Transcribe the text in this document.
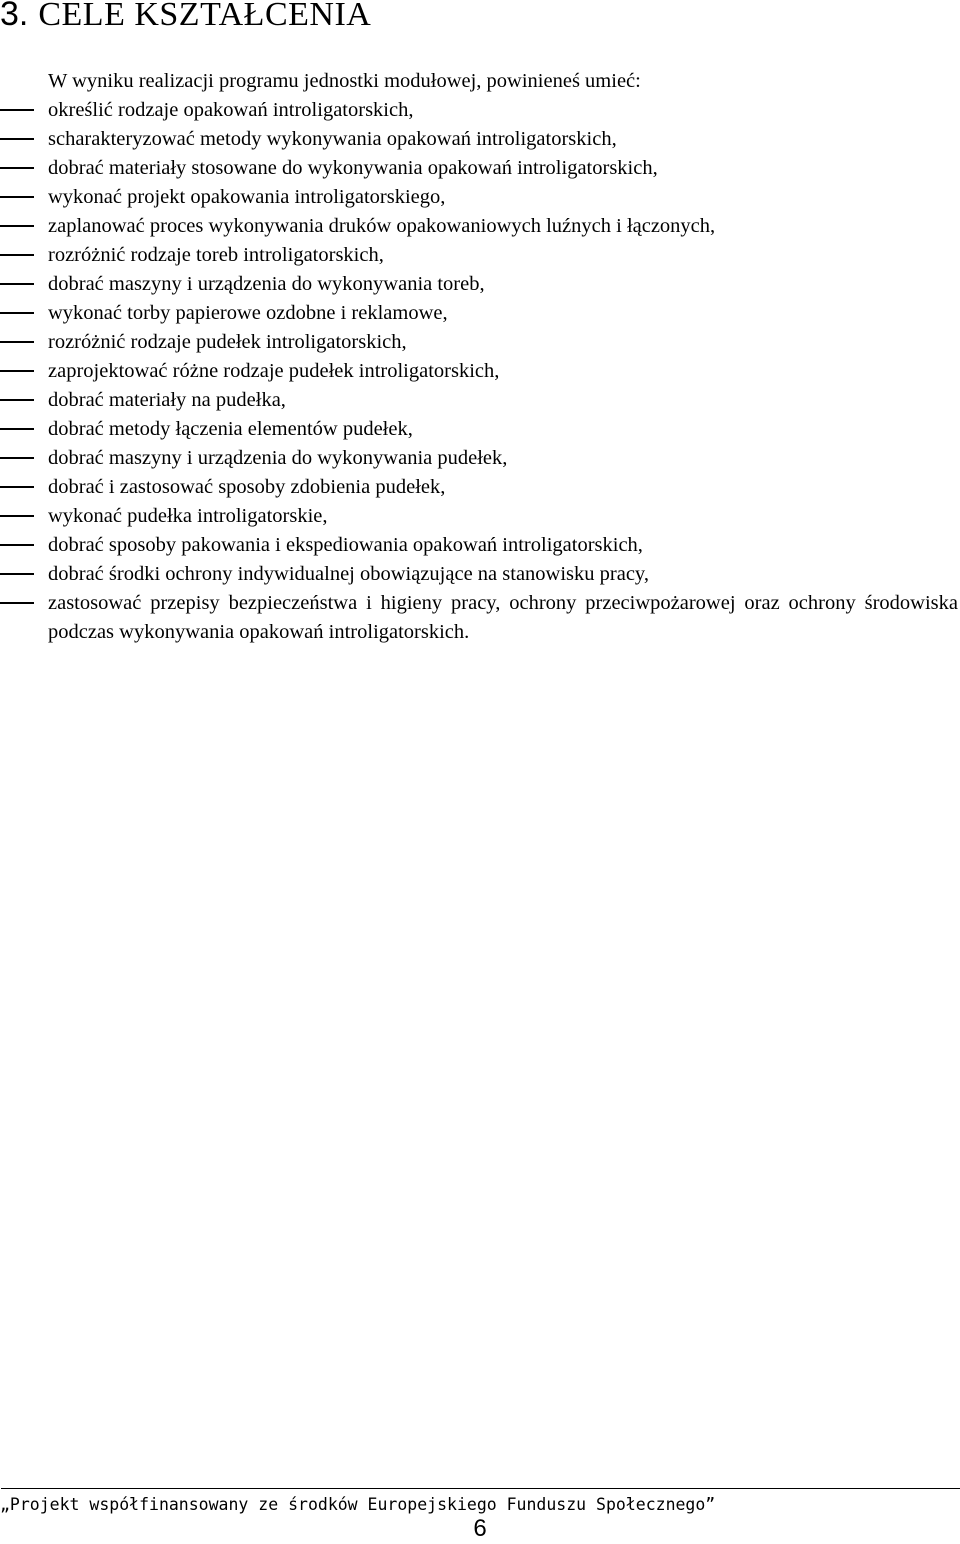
3. CELE KSZTAŁCENIA
W wyniku realizacji programu jednostki modułowej, powinieneś umieć:
określić rodzaje opakowań introligatorskich,
scharakteryzować metody wykonywania opakowań introligatorskich,
dobrać materiały stosowane do wykonywania opakowań introligatorskich,
wykonać projekt opakowania introligatorskiego,
zaplanować proces wykonywania druków opakowaniowych luźnych i łączonych,
rozróżnić rodzaje toreb introligatorskich,
dobrać maszyny i urządzenia do wykonywania toreb,
wykonać torby papierowe ozdobne i reklamowe,
rozróżnić rodzaje pudełek introligatorskich,
zaprojektować różne rodzaje pudełek introligatorskich,
dobrać materiały na pudełka,
dobrać metody łączenia elementów pudełek,
dobrać maszyny i urządzenia do wykonywania pudełek,
dobrać i zastosować sposoby zdobienia pudełek,
wykonać pudełka introligatorskie,
dobrać sposoby pakowania i ekspediowania opakowań introligatorskich,
dobrać środki ochrony indywidualnej obowiązujące na stanowisku pracy,
zastosować przepisy bezpieczeństwa i higieny pracy, ochrony przeciwpożarowej oraz ochrony środowiska podczas wykonywania opakowań introligatorskich.
„Projekt współfinansowany ze środków Europejskiego Funduszu Społecznego”
6
